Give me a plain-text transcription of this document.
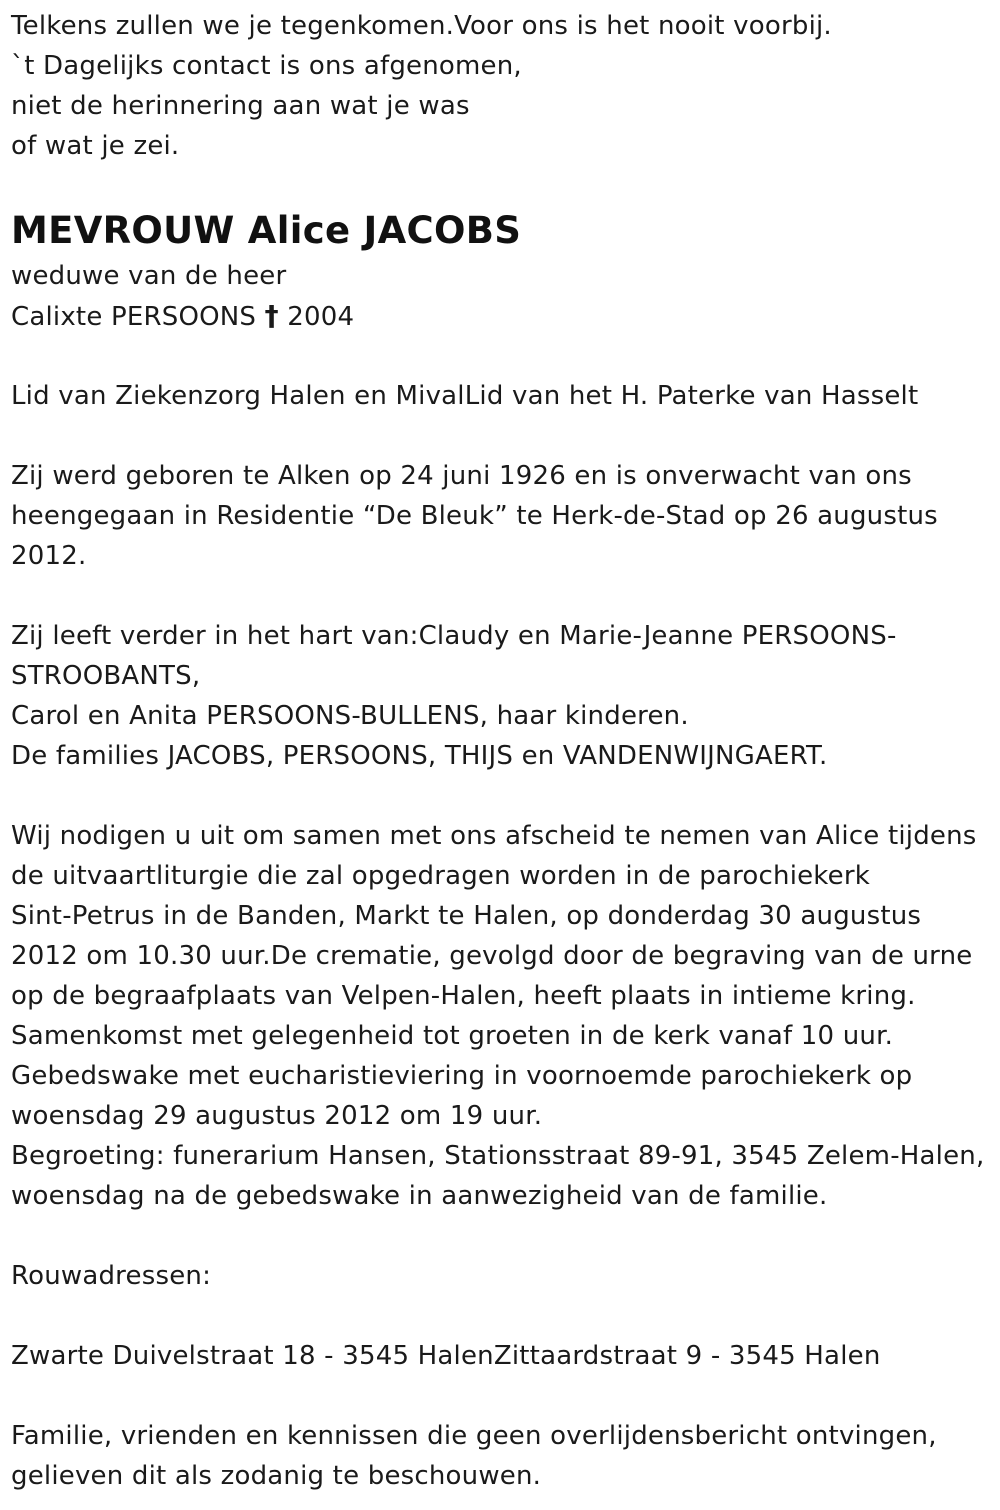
Telkens zullen we je tegenkomen.Voor ons is het nooit voorbij.
`t Dagelijks contact is ons afgenomen,
niet de herinnering aan wat je was
of wat je zei.
MEVROUW Alice JACOBS
weduwe van de heer
Calixte PERSOONS † 2004
Lid van Ziekenzorg Halen en MivalLid van het H. Paterke van Hasselt
Zij werd geboren te Alken op 24 juni 1926 en is onverwacht van ons
heengegaan in Residentie “De Bleuk” te Herk-de-Stad op 26 augustus
2012.
Zij leeft verder in het hart van:Claudy en Marie-Jeanne PERSOONS-
STROOBANTS,
Carol en Anita PERSOONS-BULLENS, haar kinderen.
De families JACOBS, PERSOONS, THIJS en VANDENWIJNGAERT.
Wij nodigen u uit om samen met ons afscheid te nemen van Alice tijdens
de uitvaartliturgie die zal opgedragen worden in de parochiekerk
Sint-Petrus in de Banden, Markt te Halen, op donderdag 30 augustus
2012 om 10.30 uur.De crematie, gevolgd door de begraving van de urne
op de begraafplaats van Velpen-Halen, heeft plaats in intieme kring.
Samenkomst met gelegenheid tot groeten in de kerk vanaf 10 uur.
Gebedswake met eucharistieviering in voornoemde parochiekerk op
woensdag 29 augustus 2012 om 19 uur.
Begroeting: funerarium Hansen, Stationsstraat 89-91, 3545 Zelem-Halen,
woensdag na de gebedswake in aanwezigheid van de familie.
Rouwadressen:
Zwarte Duivelstraat 18 - 3545 HalenZittaardstraat 9 - 3545 Halen
Familie, vrienden en kennissen die geen overlijdensbericht ontvingen,
gelieven dit als zodanig te beschouwen.
